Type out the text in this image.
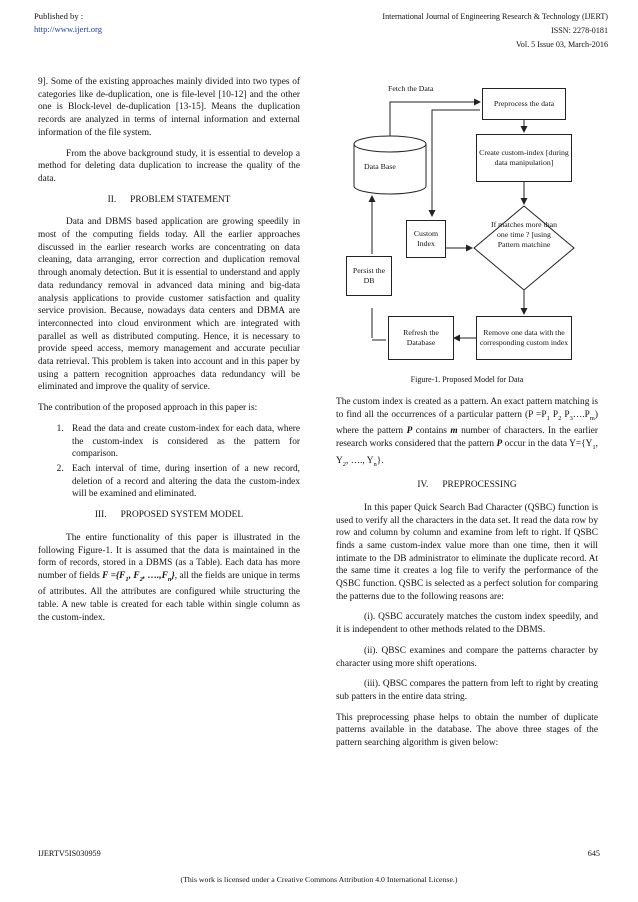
Published by :
http://www.ijert.org
International Journal of Engineering Research & Technology (IJERT)
ISSN: 2278-0181
Vol. 5 Issue 03, March-2016

9]. Some of the existing approaches mainly divided into two types of categories like de-duplication, one is file-level [10-12] and the other one is Block-level de-duplication [13-15]. Means the duplication records are analyzed in terms of internal information and external information of the file system.

From the above background study, it is essential to develop a method for deleting data duplication to increase the quality of the data.

II. PROBLEM STATEMENT

Data and DBMS based application are growing speedily in most of the computing fields today. All the earlier approaches discussed in the earlier research works are concentrating on data cleaning, data arranging, error correction and duplication removal through anomaly detection. But it is essential to understand and apply data redundancy removal in advanced data mining and big-data analysis applications to provide customer satisfaction and quality service provision. Because, nowadays data centers and DBMA are interconnected into cloud environment which are integrated with parallel as well as distributed computing. Hence, it is necessary to provide speed access, memory management and accurate peculiar data retrieval. This problem is taken into account and in this paper by using a pattern recognition approaches data redundancy will be eliminated and improve the quality of service.

The contribution of the proposed approach in this paper is:

1. Read the data and create custom-index for each data, where the custom-index is considered as the pattern for comparison.
2. Each interval of time, during insertion of a new record, deletion of a record and altering the data the custom-index will be examined and eliminated.
III. PROPOSED SYSTEM MODEL

The entire functionality of this paper is illustrated in the following Figure-1. It is assumed that the data is maintained in the form of records, stored in a DBMS (as a Table). Each data has more number of fields $F =\{F_1$, $F_2$, $\dots.,F_n$}, all the fields are unique in terms of attributes. All the attributes are configured while structuring the table. A new table is created for each table within single column as the custom-index.

Fetch the Data
Preprocess the data
Create custom-index [during data manipulation]
Data Base
Custom Index
If matches more than one time ? [using Pattern matchine
Persist the DB
Refresh the Database
Remove one data with the corresponding custom index
Figure-1. Proposed Model for Data

The custom index is created as a pattern. An exact pattern matching is to find all the occurrences of a particular pattern ($P =P_1$ $P_2$ $P_3\dots.P_m$) where the pattern P contains m number of characters. In the earlier research works considered that the pattern P occur in the data $Y=\{Y_1$, $Y_2$, …., $Y_n$}.

IV. PREPROCESSING

In this paper Quick Search Bad Character (QSBC) function is used to verify all the characters in the data set. It read the data row by row and column by column and examine from left to right. If QSBC finds a same custom-index value more than one time, then it will intimate to the DB administrator to eliminate the duplicate record. At the same time it creates a log file to verify the performance of the QSBC function. QSBC is selected as a perfect solution for comparing the patterns due to the following reasons are:

(i). QSBC accurately matches the custom index speedily, and it is independent to other methods related to the DBMS.

(ii). QBSC examines and compare the patterns character by character using more shift operations.

(iii). QBSC compares the pattern from left to right by creating sub patters in the entire data string.

This preprocessing phase helps to obtain the number of duplicate patterns available in the database. The above three stages of the pattern searching algorithm is given below:

IJERTV5IS030959	645
(This work is licensed under a Creative Commons Attribution 4.0 International License.)
